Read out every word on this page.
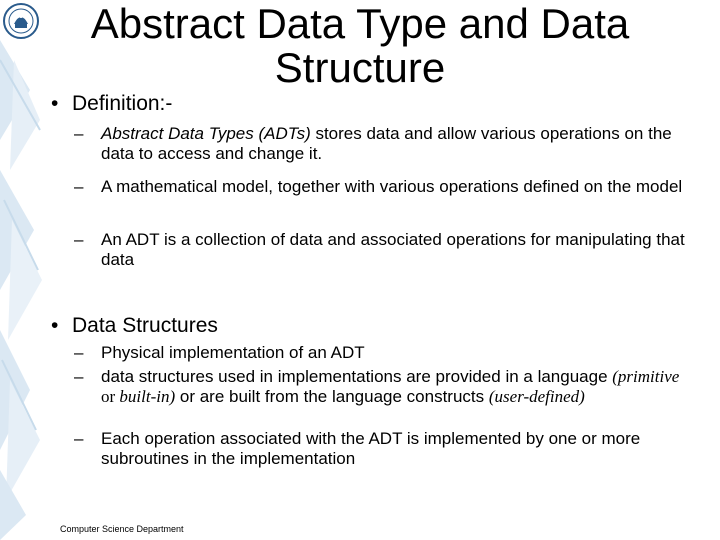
Abstract Data Type and Data Structure
• Definition:-
– Abstract Data Types (ADTs) stores data and allow various operations on the data to access and change it.
– A mathematical model, together with various operations defined on the model
– An ADT is a collection of data and associated operations for manipulating that data
• Data Structures
– Physical implementation of an ADT
– data structures used in implementations are provided in a language (primitive or built-in) or are built from the language constructs (user-defined)
– Each operation associated with the ADT is implemented by one or more subroutines in the implementation
Computer Science Department
